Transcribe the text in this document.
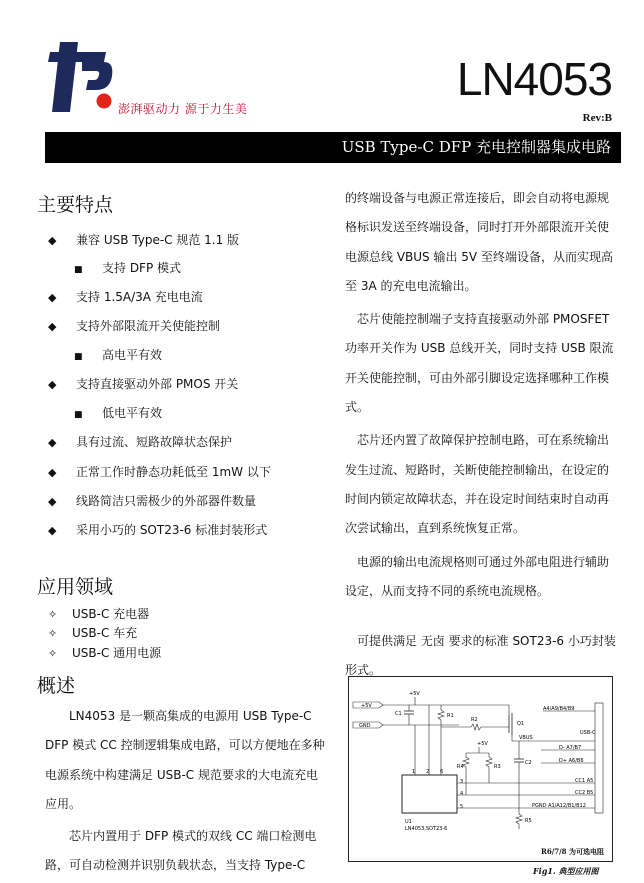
澎湃驱动力 源于力生美
LN4053
Rev:B
USB Type-C DFP 充电控制器集成电路
主要特点
◆ 兼容 USB Type-C 规范 1.1 版
■ 支持 DFP 模式
◆ 支持 1.5A/3A 充电电流
◆ 支持外部限流开关使能控制
■ 高电平有效
◆ 支持直接驱动外部 PMOS 开关
■ 低电平有效
◆ 具有过流、短路故障状态保护
◆ 正常工作时静态功耗低至 1mW 以下
◆ 线路简洁只需极少的外部器件数量
◆ 采用小巧的 SOT23-6 标准封装形式
应用领域
✧ USB-C 充电器
✧ USB-C 车充
✧ USB-C 通用电源
概述

LN4053 是一颗高集成的电源用 USB Type-C DFP 模式 CC 控制逻辑集成电路，可以方便地在多种电源系统中构建满足 USB-C 规范要求的大电流充电应用。

芯片内置用于 DFP 模式的双线 CC 端口检测电路，可自动检测并识别负载状态，当支持 Type-C

的终端设备与电源正常连接后，即会自动将电源规格标识发送至终端设备，同时打开外部限流开关使电源总线 VBUS 输出 5V 至终端设备，从而实现高至 3A 的充电电流输出。

芯片使能控制端子支持直接驱动外部 PMOSFET 功率开关作为 USB 总线开关，同时支持 USB 限流开关使能控制，可由外部引脚设定选择哪种工作模式。

芯片还内置了故障保护控制电路，可在系统输出发生过流、短路时，关断使能控制输出，在设定的时间内锁定故障状态，并在设定时间结束时自动再次尝试输出，直到系统恢复正常。

电源的输出电流规格则可通过外部电阻进行辅助设定，从而支持不同的系统电流规格。

可提供满足 无卤 要求的标准 SOT23-6 小巧封装形式。

+5V
GND
+5V
C1	R1
R2
Q1
VBUS
A4/A9/B4/B9
USB-C
D- A7/B7
D+ A6/B6
C2
+5V
R4	R3
1 2 6
3
4
5
CC1 A5
CC2 B5
PGND A1/A12/B1/B12
R5
U1
LN4053,SOT23-6
R6/7/8 为可选电阻
Fig1. 典型应用图
